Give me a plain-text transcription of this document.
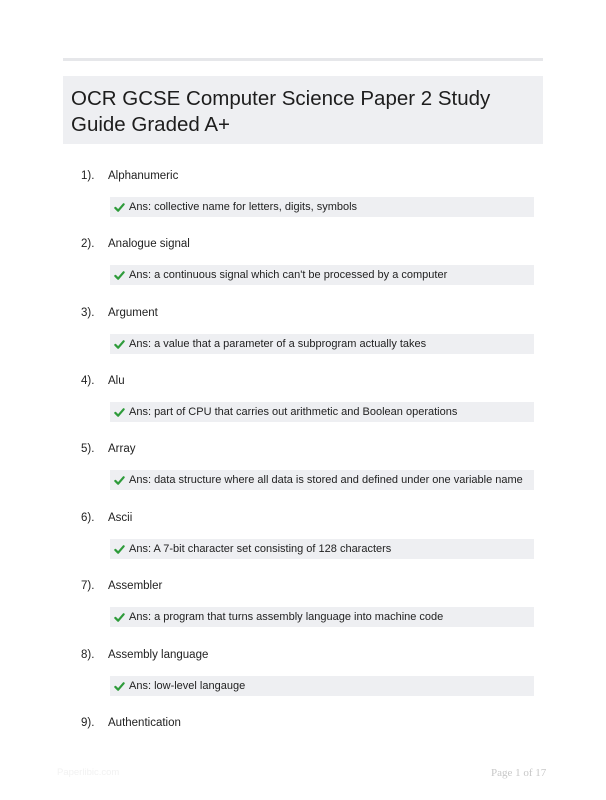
OCR GCSE Computer Science Paper 2 Study Guide Graded A+
1). Alphanumeric
Ans: collective name for letters, digits, symbols
2). Analogue signal
Ans: a continuous signal which can't be processed by a computer
3). Argument
Ans: a value that a parameter of a subprogram actually takes
4). Alu
Ans: part of CPU that carries out arithmetic and Boolean operations
5). Array
Ans: data structure where all data is stored and defined under one variable name
6). Ascii
Ans: A 7-bit character set consisting of 128 characters
7). Assembler
Ans: a program that turns assembly language into machine code
8). Assembly language
Ans: low-level langauge
9). Authentication
Paperlibic.com	Page 1 of 17
